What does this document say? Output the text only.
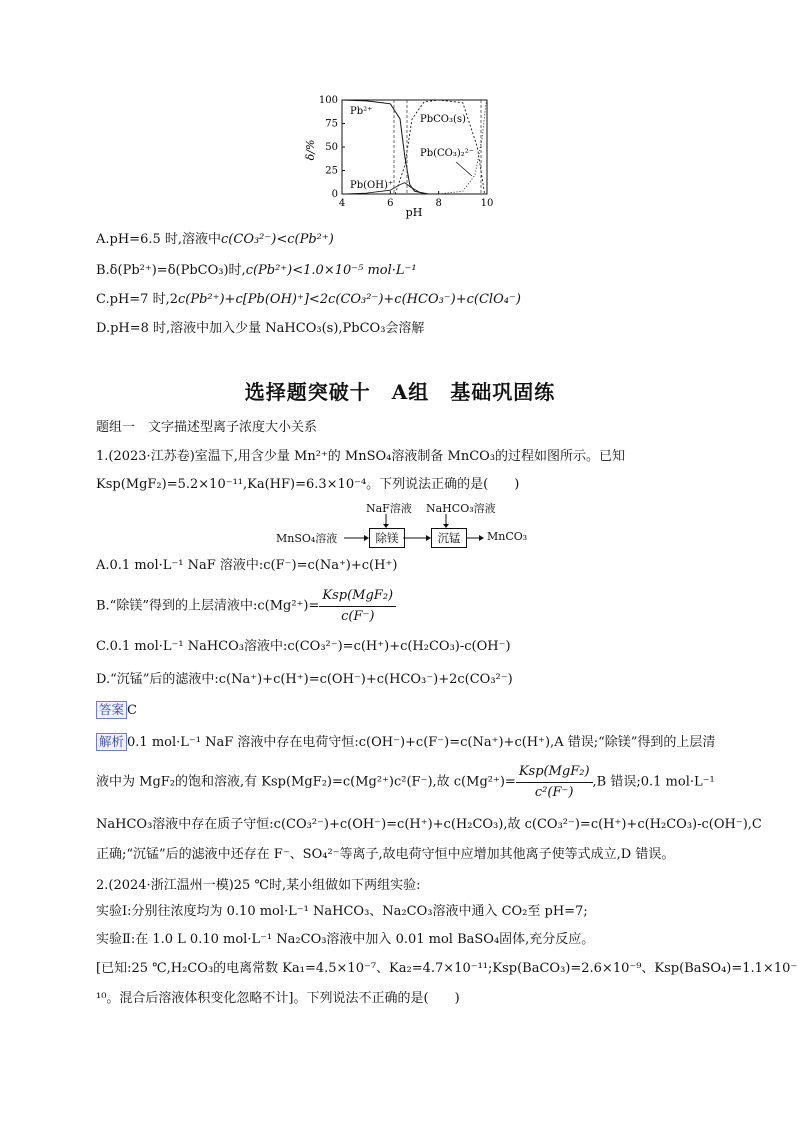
100
75
50
25
0
4	6	8	10
δ/%
pH
Pb²⁺
PbCO₃(s)
Pb(CO₃)₂²⁻
Pb(OH)⁺
A.pH=6.5 时,溶液中c(CO₃²⁻)<c(Pb²⁺)
B.δ(Pb²⁺)=δ(PbCO₃)时,c(Pb²⁺)<1.0×10⁻⁵ mol·L⁻¹
C.pH=7 时,2c(Pb²⁺)+c[Pb(OH)⁺]<2c(CO₃²⁻)+c(HCO₃⁻)+c(ClO₄⁻)
D.pH=8 时,溶液中加入少量 NaHCO₃(s),PbCO₃会溶解
选择题突破十　A组　基础巩固练
题组一　文字描述型离子浓度大小关系
1.(2023·江苏卷)室温下,用含少量 Mn²⁺的 MnSO₄溶液制备 MnCO₃的过程如图所示。已知
Ksp(MgF₂)=5.2×10⁻¹¹,Ka(HF)=6.3×10⁻⁴。下列说法正确的是(　　)
NaF溶液 NaHCO₃溶液
MnSO₄溶液	除镁	沉锰	MnCO₃
A.0.1 mol·L⁻¹ NaF 溶液中:c(F⁻)=c(Na⁺)+c(H⁺)
B.“除镁”得到的上层清液中:c(Mg²⁺)= $\frac{\text{Ksp(MgF₂)}}{c(F^-)}$
C.0.1 mol·L⁻¹ NaHCO₃溶液中:c(CO₃²⁻)=c(H⁺)+c(H₂CO₃)-c(OH⁻)
D.“沉锰”后的滤液中:c(Na⁺)+c(H⁺)=c(OH⁻)+c(HCO₃⁻)+2c(CO₃²⁻)
答案 C
解析 0.1 mol·L⁻¹ NaF 溶液中存在电荷守恒:c(OH⁻)+c(F⁻)=c(Na⁺)+c(H⁺),A 错误;“除镁”得到的上层清
液中为 MgF₂的饱和溶液,有 Ksp(MgF₂)=c(Mg²⁺)c²(F⁻),故 $c(Mg^{2+})= \frac{\text{Ksp(MgF₂)}}{\text{c²(F⁻)}} ,B$ 错误;0.1 mol·L⁻¹
NaHCO₃溶液中存在质子守恒:c(CO₃²⁻)+c(OH⁻)=c(H⁺)+c(H₂CO₃),故 c(CO₃²⁻)=c(H⁺)+c(H₂CO₃)-c(OH⁻),C
正确;“沉锰”后的滤液中还存在 F⁻、SO₄²⁻等离子,故电荷守恒中应增加其他离子使等式成立,D 错误。
2.(2024·浙江温州一模)25 ℃时,某小组做如下两组实验:
实验Ⅰ:分别往浓度均为 0.10 mol·L⁻¹ NaHCO₃、Na₂CO₃溶液中通入 CO₂至 pH=7;
实验Ⅱ:在 1.0 L 0.10 mol·L⁻¹ Na₂CO₃溶液中加入 0.01 mol BaSO₄固体,充分反应。
[已知:25 ℃,H₂CO₃的电离常数 Ka₁=4.5×10⁻⁷、Ka₂=4.7×10⁻¹¹;Ksp(BaCO₃)=2.6×10⁻⁹、Ksp(BaSO₄)=1.1×10⁻
¹⁰。混合后溶液体积变化忽略不计]。下列说法不正确的是(　　)
